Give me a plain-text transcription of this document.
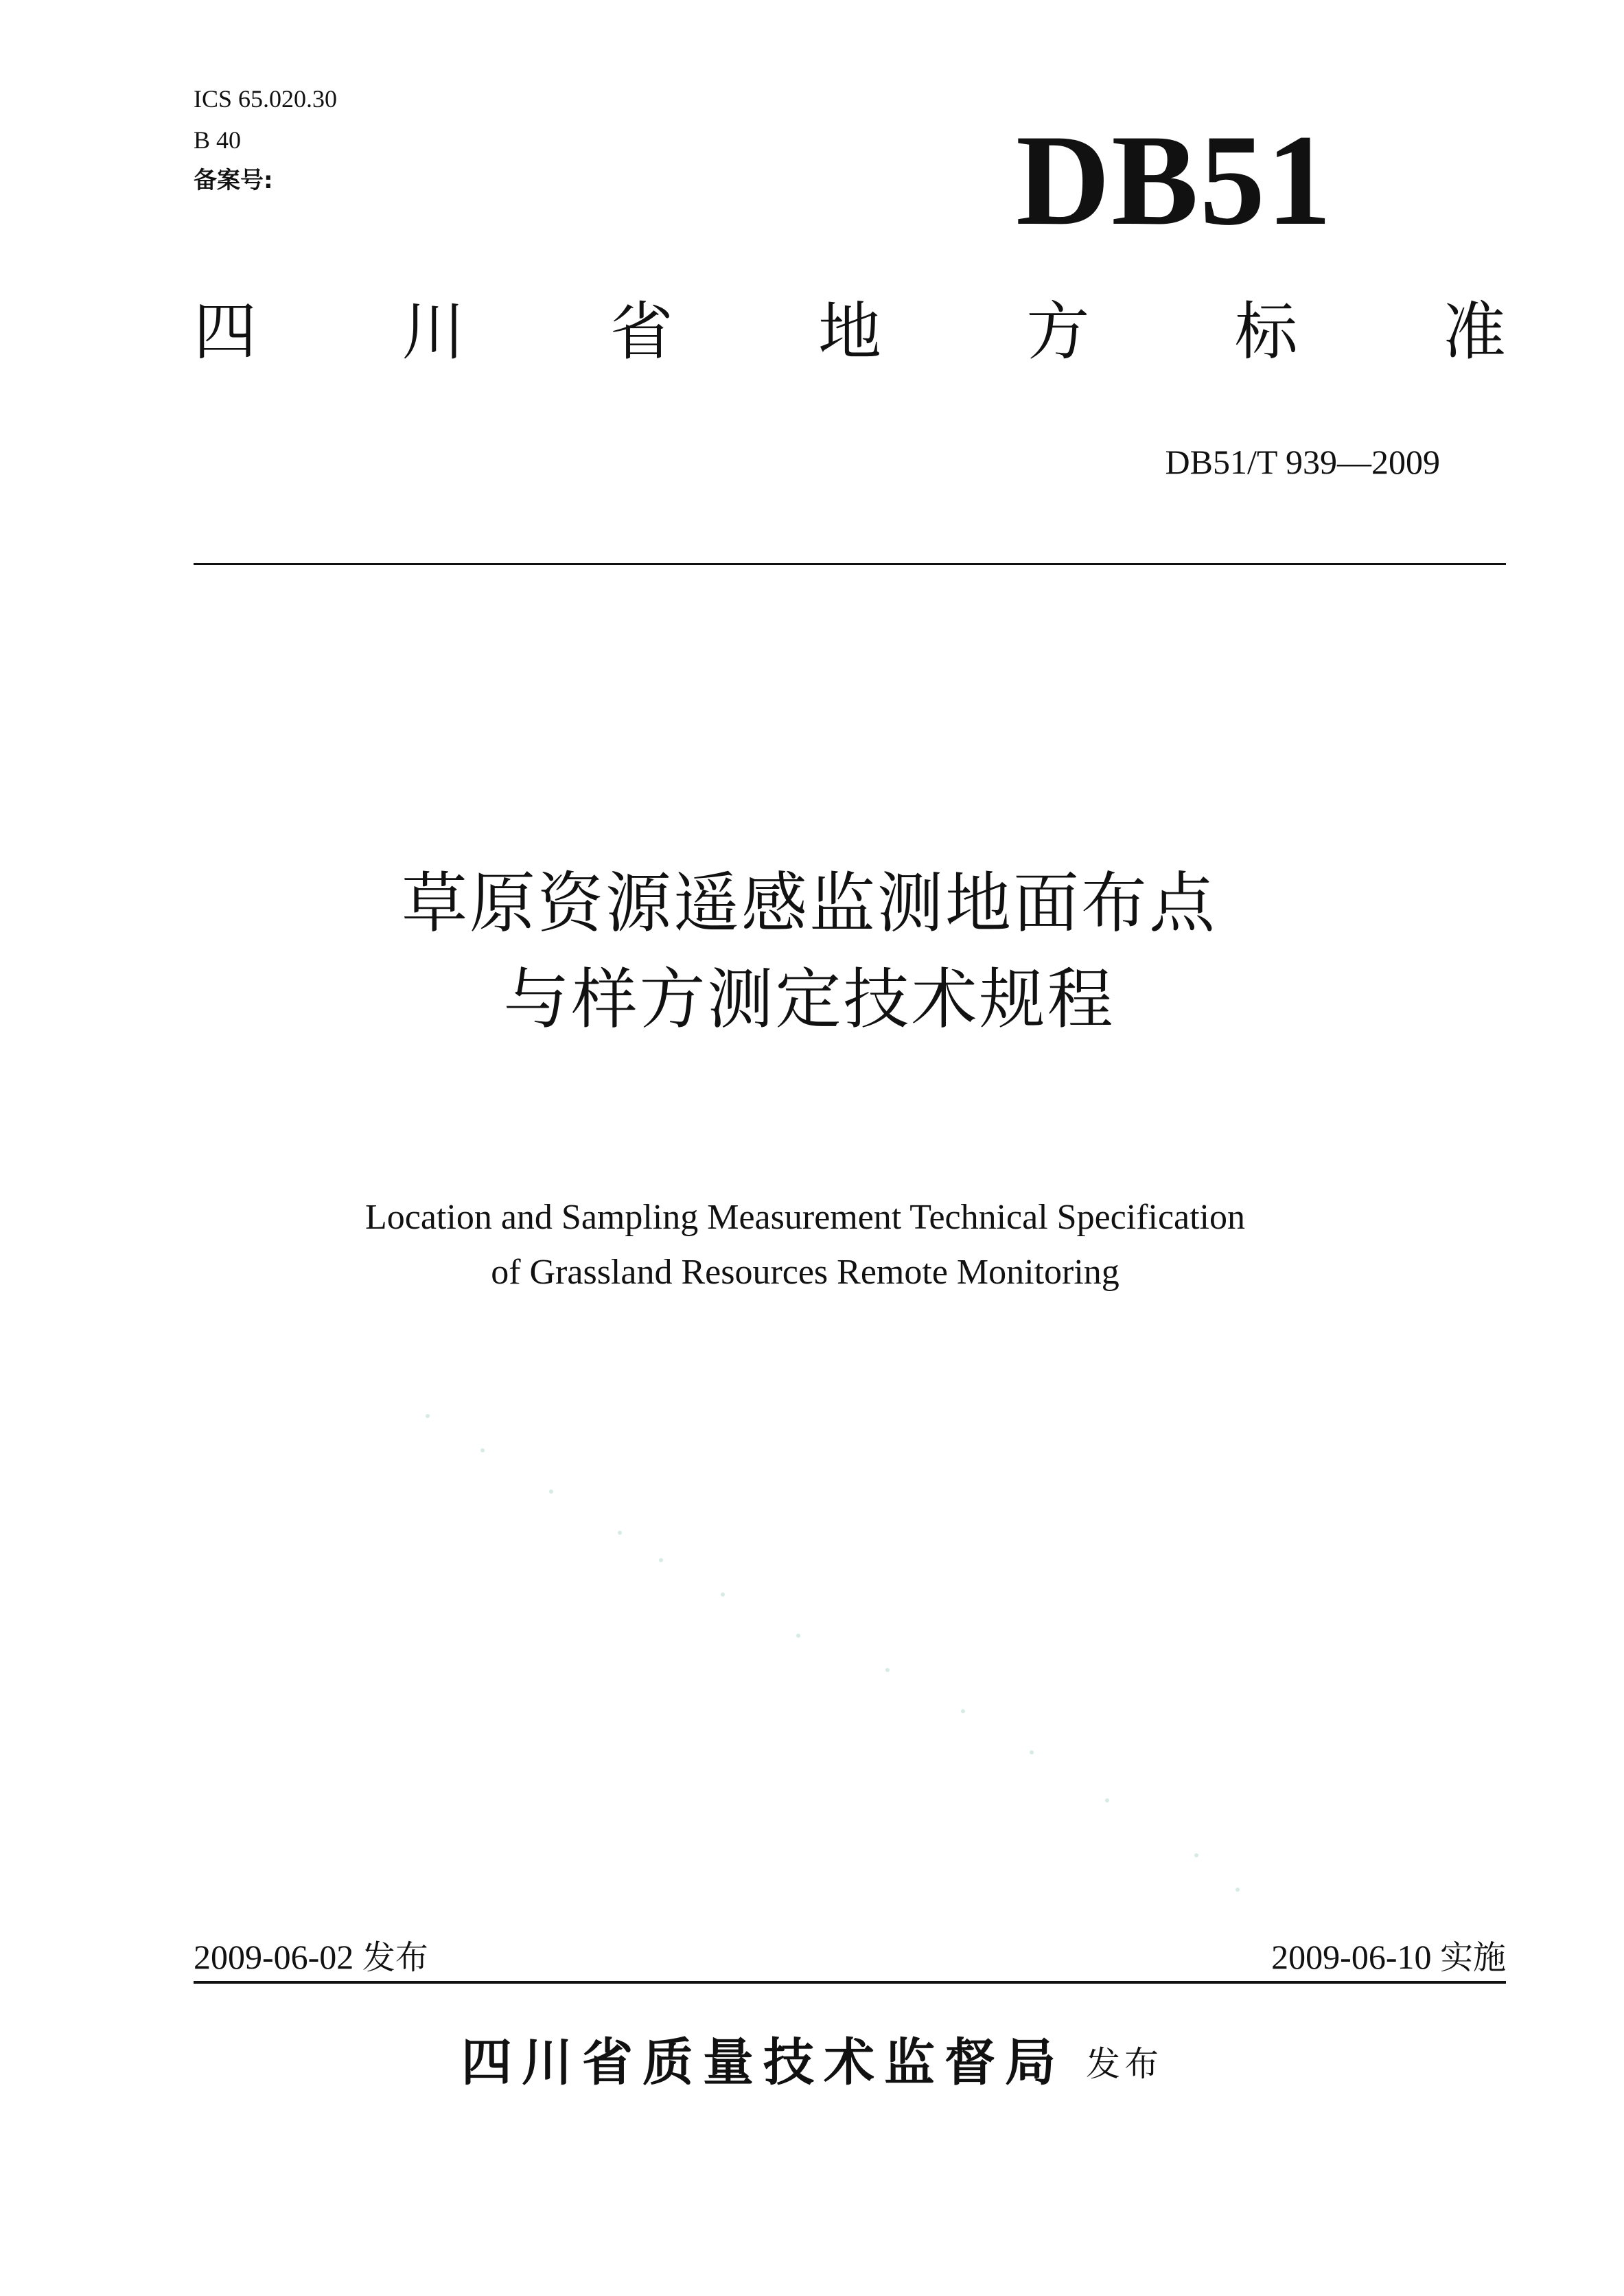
ICS 65.020.30
B 40
备案号:	DB51
四 川 省 地 方 标 准
DB51/T 939—2009
草原资源遥感监测地面布点
与样方测定技术规程
Location and Sampling Measurement Technical Specification
of Grassland Resources Remote Monitoring
2009-06-02 发布	2009-06-10 实施
四川省质量技术监督局 发布
